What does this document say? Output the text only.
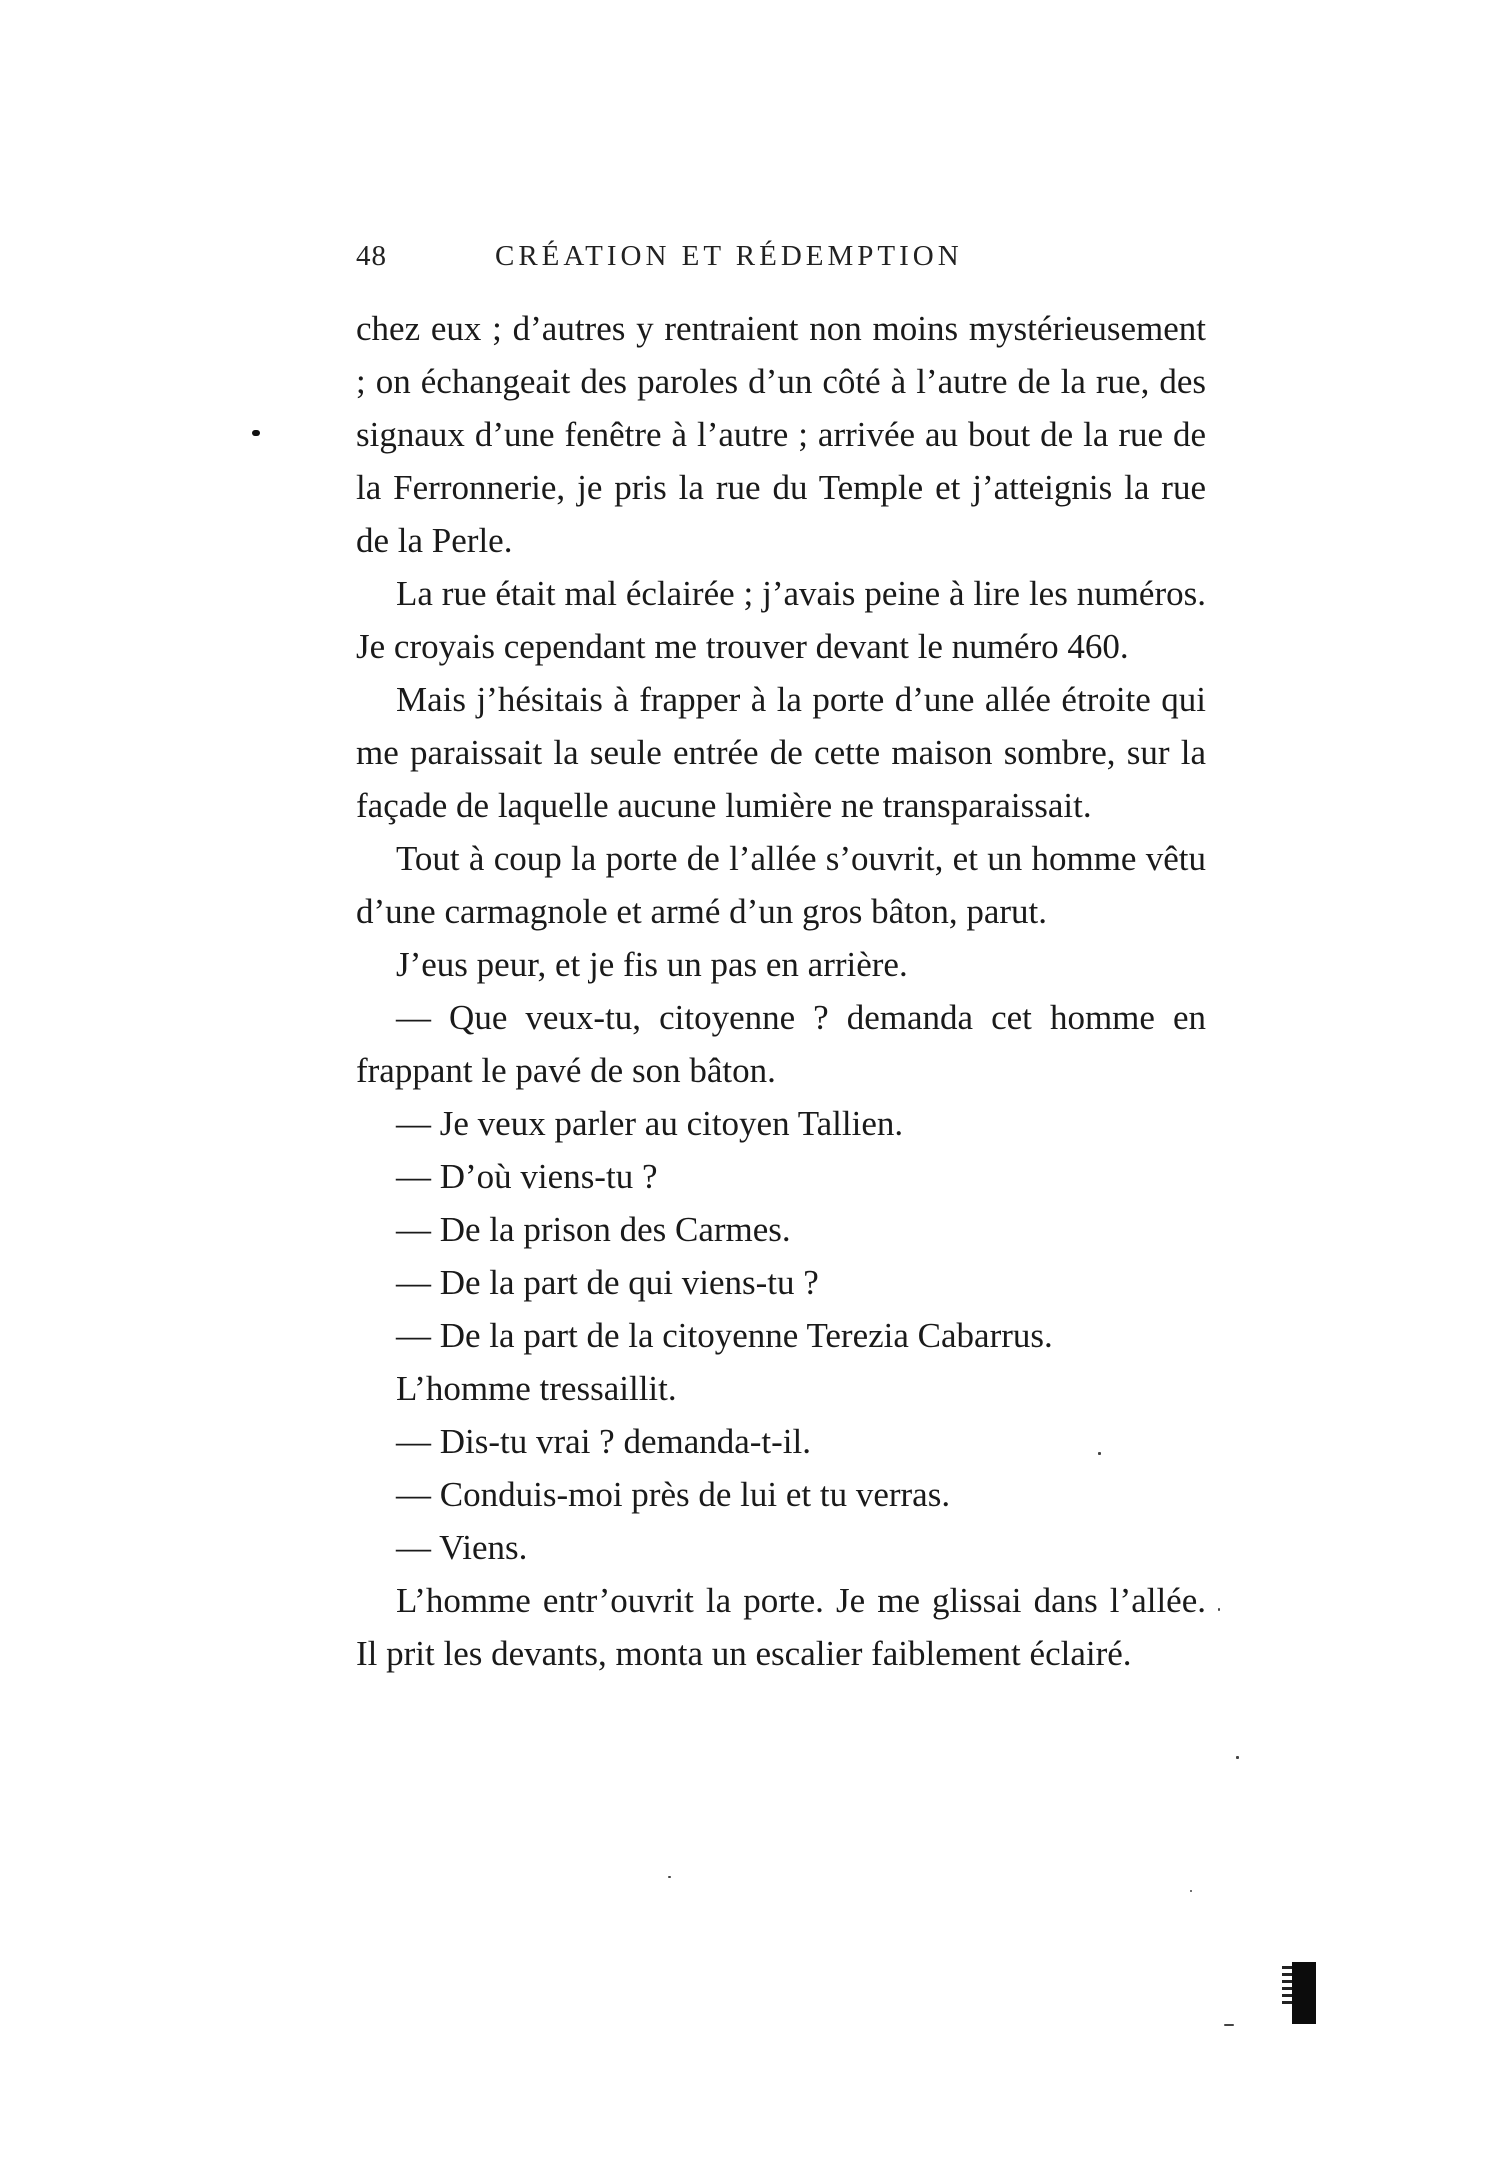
48	CRÉATION ET RÉDEMPTION

chez eux ; d’autres y rentraient non moins mystérieusement ; on échangeait des paroles d’un côté à l’autre de la rue, des signaux d’une fenêtre à l’autre ; arrivée au bout de la rue de la Ferronnerie, je pris la rue du Temple et j’atteignis la rue de la Perle.

La rue était mal éclairée ; j’avais peine à lire les numéros. Je croyais cependant me trouver devant le numéro 460.

Mais j’hésitais à frapper à la porte d’une allée étroite qui me paraissait la seule entrée de cette maison sombre, sur la façade de laquelle aucune lumière ne transparaissait.

Tout à coup la porte de l’allée s’ouvrit, et un homme vêtu d’une carmagnole et armé d’un gros bâton, parut.

J’eus peur, et je fis un pas en arrière.

— Que veux-tu, citoyenne ? demanda cet homme en frappant le pavé de son bâton.

— Je veux parler au citoyen Tallien.

— D’où viens-tu ?

— De la prison des Carmes.

— De la part de qui viens-tu ?

— De la part de la citoyenne Terezia Cabarrus.

L’homme tressaillit.

— Dis-tu vrai ? demanda-t-il.

— Conduis-moi près de lui et tu verras.

— Viens.

L’homme entr’ouvrit la porte. Je me glissai dans l’allée. Il prit les devants, monta un escalier faiblement éclairé.
